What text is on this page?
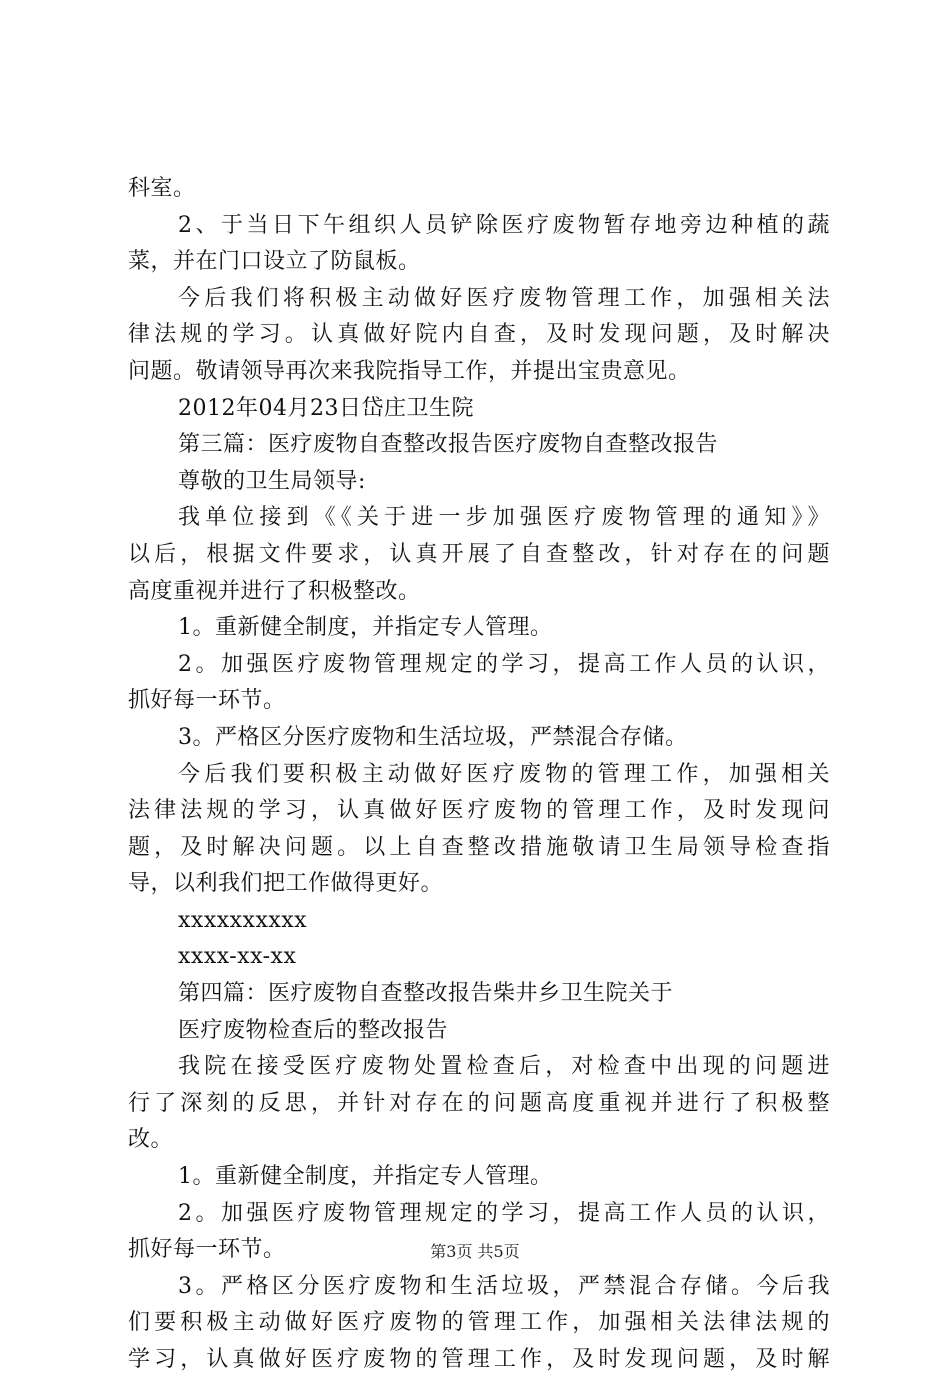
科室。
2、于当日下午组织人员铲除医疗废物暂存地旁边种植的蔬
菜，并在门口设立了防鼠板。
今后我们将积极主动做好医疗废物管理工作，加强相关法
律法规的学习。认真做好院内自查，及时发现问题，及时解决
问题。敬请领导再次来我院指导工作，并提出宝贵意见。
2012年04月23日岱庄卫生院
第三篇：医疗废物自查整改报告医疗废物自查整改报告
尊敬的卫生局领导:
我单位接到《《关于进一步加强医疗废物管理的通知》》
以后，根据文件要求，认真开展了自查整改，针对存在的问题
高度重视并进行了积极整改。
1。重新健全制度，并指定专人管理。
2。加强医疗废物管理规定的学习，提高工作人员的认识，
抓好每一环节。
3。严格区分医疗废物和生活垃圾，严禁混合存储。
今后我们要积极主动做好医疗废物的管理工作，加强相关
法律法规的学习，认真做好医疗废物的管理工作，及时发现问
题，及时解决问题。以上自查整改措施敬请卫生局领导检查指
导，以利我们把工作做得更好。
xxxxxxxxxx
xxxx-xx-xx
第四篇：医疗废物自查整改报告柴井乡卫生院关于
医疗废物检查后的整改报告
我院在接受医疗废物处置检查后，对检查中出现的问题进
行了深刻的反思，并针对存在的问题高度重视并进行了积极整
改。
1。重新健全制度，并指定专人管理。
2。加强医疗废物管理规定的学习，提高工作人员的认识，
抓好每一环节。
3。严格区分医疗废物和生活垃圾，严禁混合存储。今后我
们要积极主动做好医疗废物的管理工作，加强相关法律法规的
学习，认真做好医疗废物的管理工作，及时发现问题，及时解
第3页 共5页
